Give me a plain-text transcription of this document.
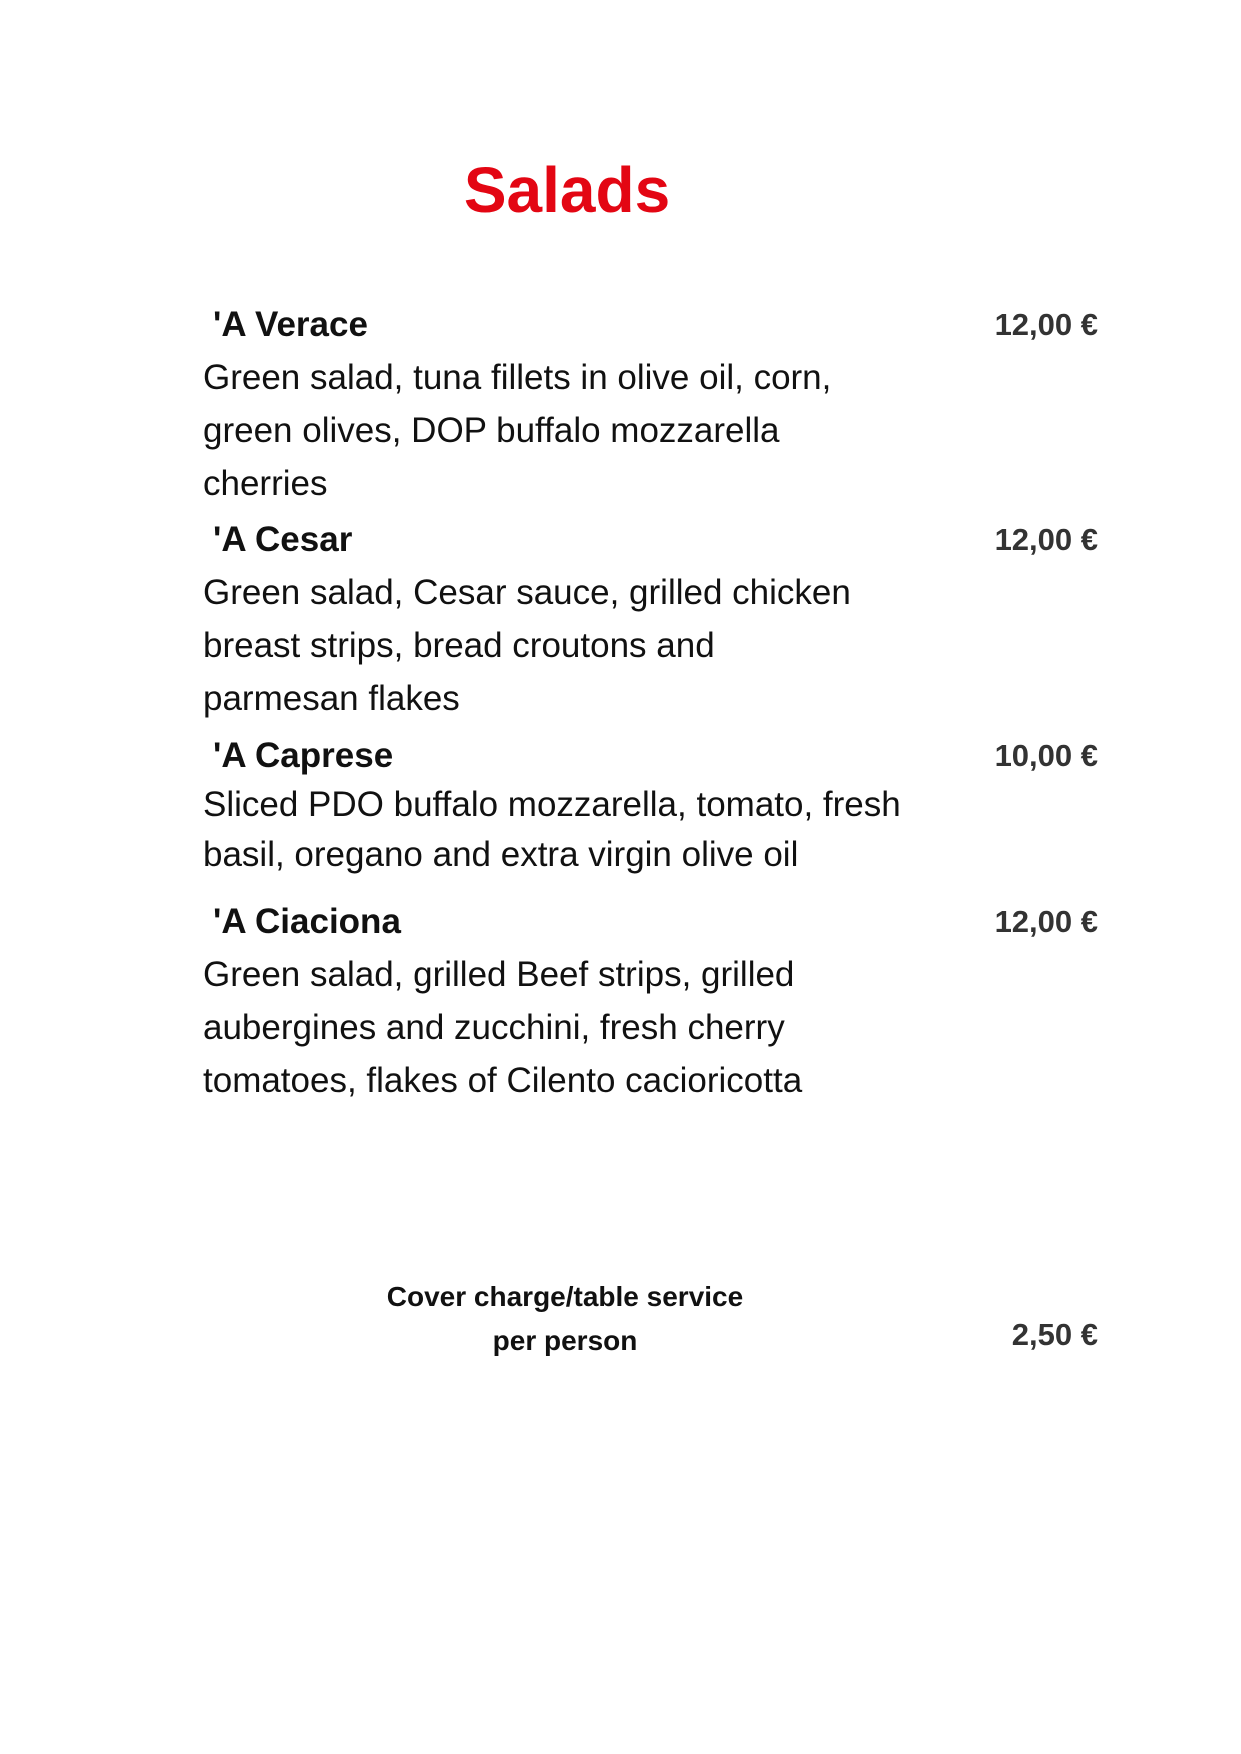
Salads
'A Verace	12,00 €
Green salad, tuna fillets in olive oil, corn,
green olives, DOP buffalo mozzarella
cherries
'A Cesar	12,00 €
Green salad, Cesar sauce, grilled chicken
breast strips, bread croutons and
parmesan flakes
'A Caprese	10,00 €
Sliced PDO buffalo mozzarella, tomato, fresh
basil, oregano and extra virgin olive oil
'A Ciaciona	12,00 €
Green salad, grilled Beef strips, grilled
aubergines and zucchini, fresh cherry
tomatoes, flakes of Cilento cacioricotta
Cover charge/table service
per person	2,50 €
